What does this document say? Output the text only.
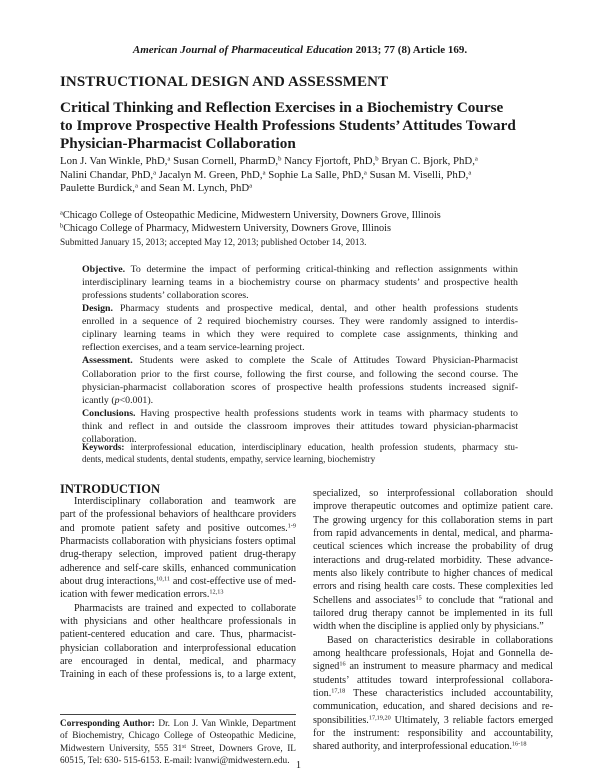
American Journal of Pharmaceutical Education 2013; 77 (8) Article 169.
INSTRUCTIONAL DESIGN AND ASSESSMENT
Critical Thinking and Reflection Exercises in a Biochemistry Course
to Improve Prospective Health Professions Students’ Attitudes Toward
Physician-Pharmacist Collaboration
Lon J. Van Winkle, PhD,$^a$ Susan Cornell, PharmD,$^b$ Nancy Fjortoft, PhD,$^b$ Bryan C. Bjork, PhD,$^a$
Nalini Chandar, PhD,$^a$ Jacalyn M. Green, PhD,$^a$ Sophie La Salle, PhD,$^a$ Susan M. Viselli, PhD,$^a$
Paulette Burdick,$^a$ and Sean M. Lynch, PhD$^a$
$^a$Chicago College of Osteopathic Medicine, Midwestern University, Downers Grove, Illinois
$^b$Chicago College of Pharmacy, Midwestern University, Downers Grove, Illinois
Submitted January 15, 2013; accepted May 12, 2013; published October 14, 2013.
Objective. To determine the impact of performing critical-thinking and reflection assignments within
interdisciplinary learning teams in a biochemistry course on pharmacy students’ and prospective health
professions students’ collaboration scores.
Design. Pharmacy students and prospective medical, dental, and other health professions students
enrolled in a sequence of 2 required biochemistry courses. They were randomly assigned to interdis-
ciplinary learning teams in which they were required to complete case assignments, thinking and
reflection exercises, and a team service-learning project.
Assessment. Students were asked to complete the Scale of Attitudes Toward Physician-Pharmacist
Collaboration prior to the first course, following the first course, and following the second course. The
physician-pharmacist collaboration scores of prospective health professions students increased signif-
icantly (p<0.001).
Conclusions. Having prospective health professions students work in teams with pharmacy students to
think and reflect in and outside the classroom improves their attitudes toward physician-pharmacist
collaboration.
Keywords: interprofessional education, interdisciplinary education, health profession students, pharmacy stu-
dents, medical students, dental students, empathy, service learning, biochemistry
INTRODUCTION
Interdisciplinary collaboration and teamwork are
part of the professional behaviors of healthcare providers
and promote patient safety and positive outcomes.$^{1-9}$
Pharmacists collaboration with physicians fosters optimal
drug-therapy selection, improved patient drug-therapy
adherence and self-care skills, enhanced communication
about drug interactions,$^{10,11}$ and cost-effective use of med-
ication with fewer medication errors.$^{12,13}$
Pharmacists are trained and expected to collaborate
with physicians and other healthcare professionals in
patient-centered education and care. Thus, pharmacist-
physician collaboration and interprofessional education
are encouraged in dental, medical, and pharmacy
Training in each of these professions is, to a large extent,
specialized, so interprofessional collaboration should
improve therapeutic outcomes and optimize patient care.
The growing urgency for this collaboration stems in part
from rapid advancements in dental, medical, and pharma-
ceutical sciences which increase the probability of drug
interactions and drug-related morbidity. These advance-
ments also likely contribute to higher chances of medical
errors and rising health care costs. These complexities led
Schellens and associates$^{15}$ to conclude that “rational and
tailored drug therapy cannot be implemented in its full
width when the discipline is applied only by physicians.”
Based on characteristics desirable in collaborations
among healthcare professionals, Hojat and Gonnella de-
signed$^{16}$ an instrument to measure pharmacy and medical
students’ attitudes toward interprofessional collabora-
tion.$^{17,18}$ These characteristics included accountability,
communication, education, and shared decisions and re-
sponsibilities.$^{17,19,20}$ Ultimately, 3 reliable factors emerged
for the instrument: responsibility and accountability,
shared authority, and interprofessional education.$^{16-18}$
Corresponding Author: Dr. Lon J. Van Winkle, Department
of Biochemistry, Chicago College of Osteopathic Medicine,
Midwestern University, 555 31st Street, Downers Grove, IL
60515, Tel: 630- 515-6153. E-mail: lvanwi@midwestern.edu. 1
